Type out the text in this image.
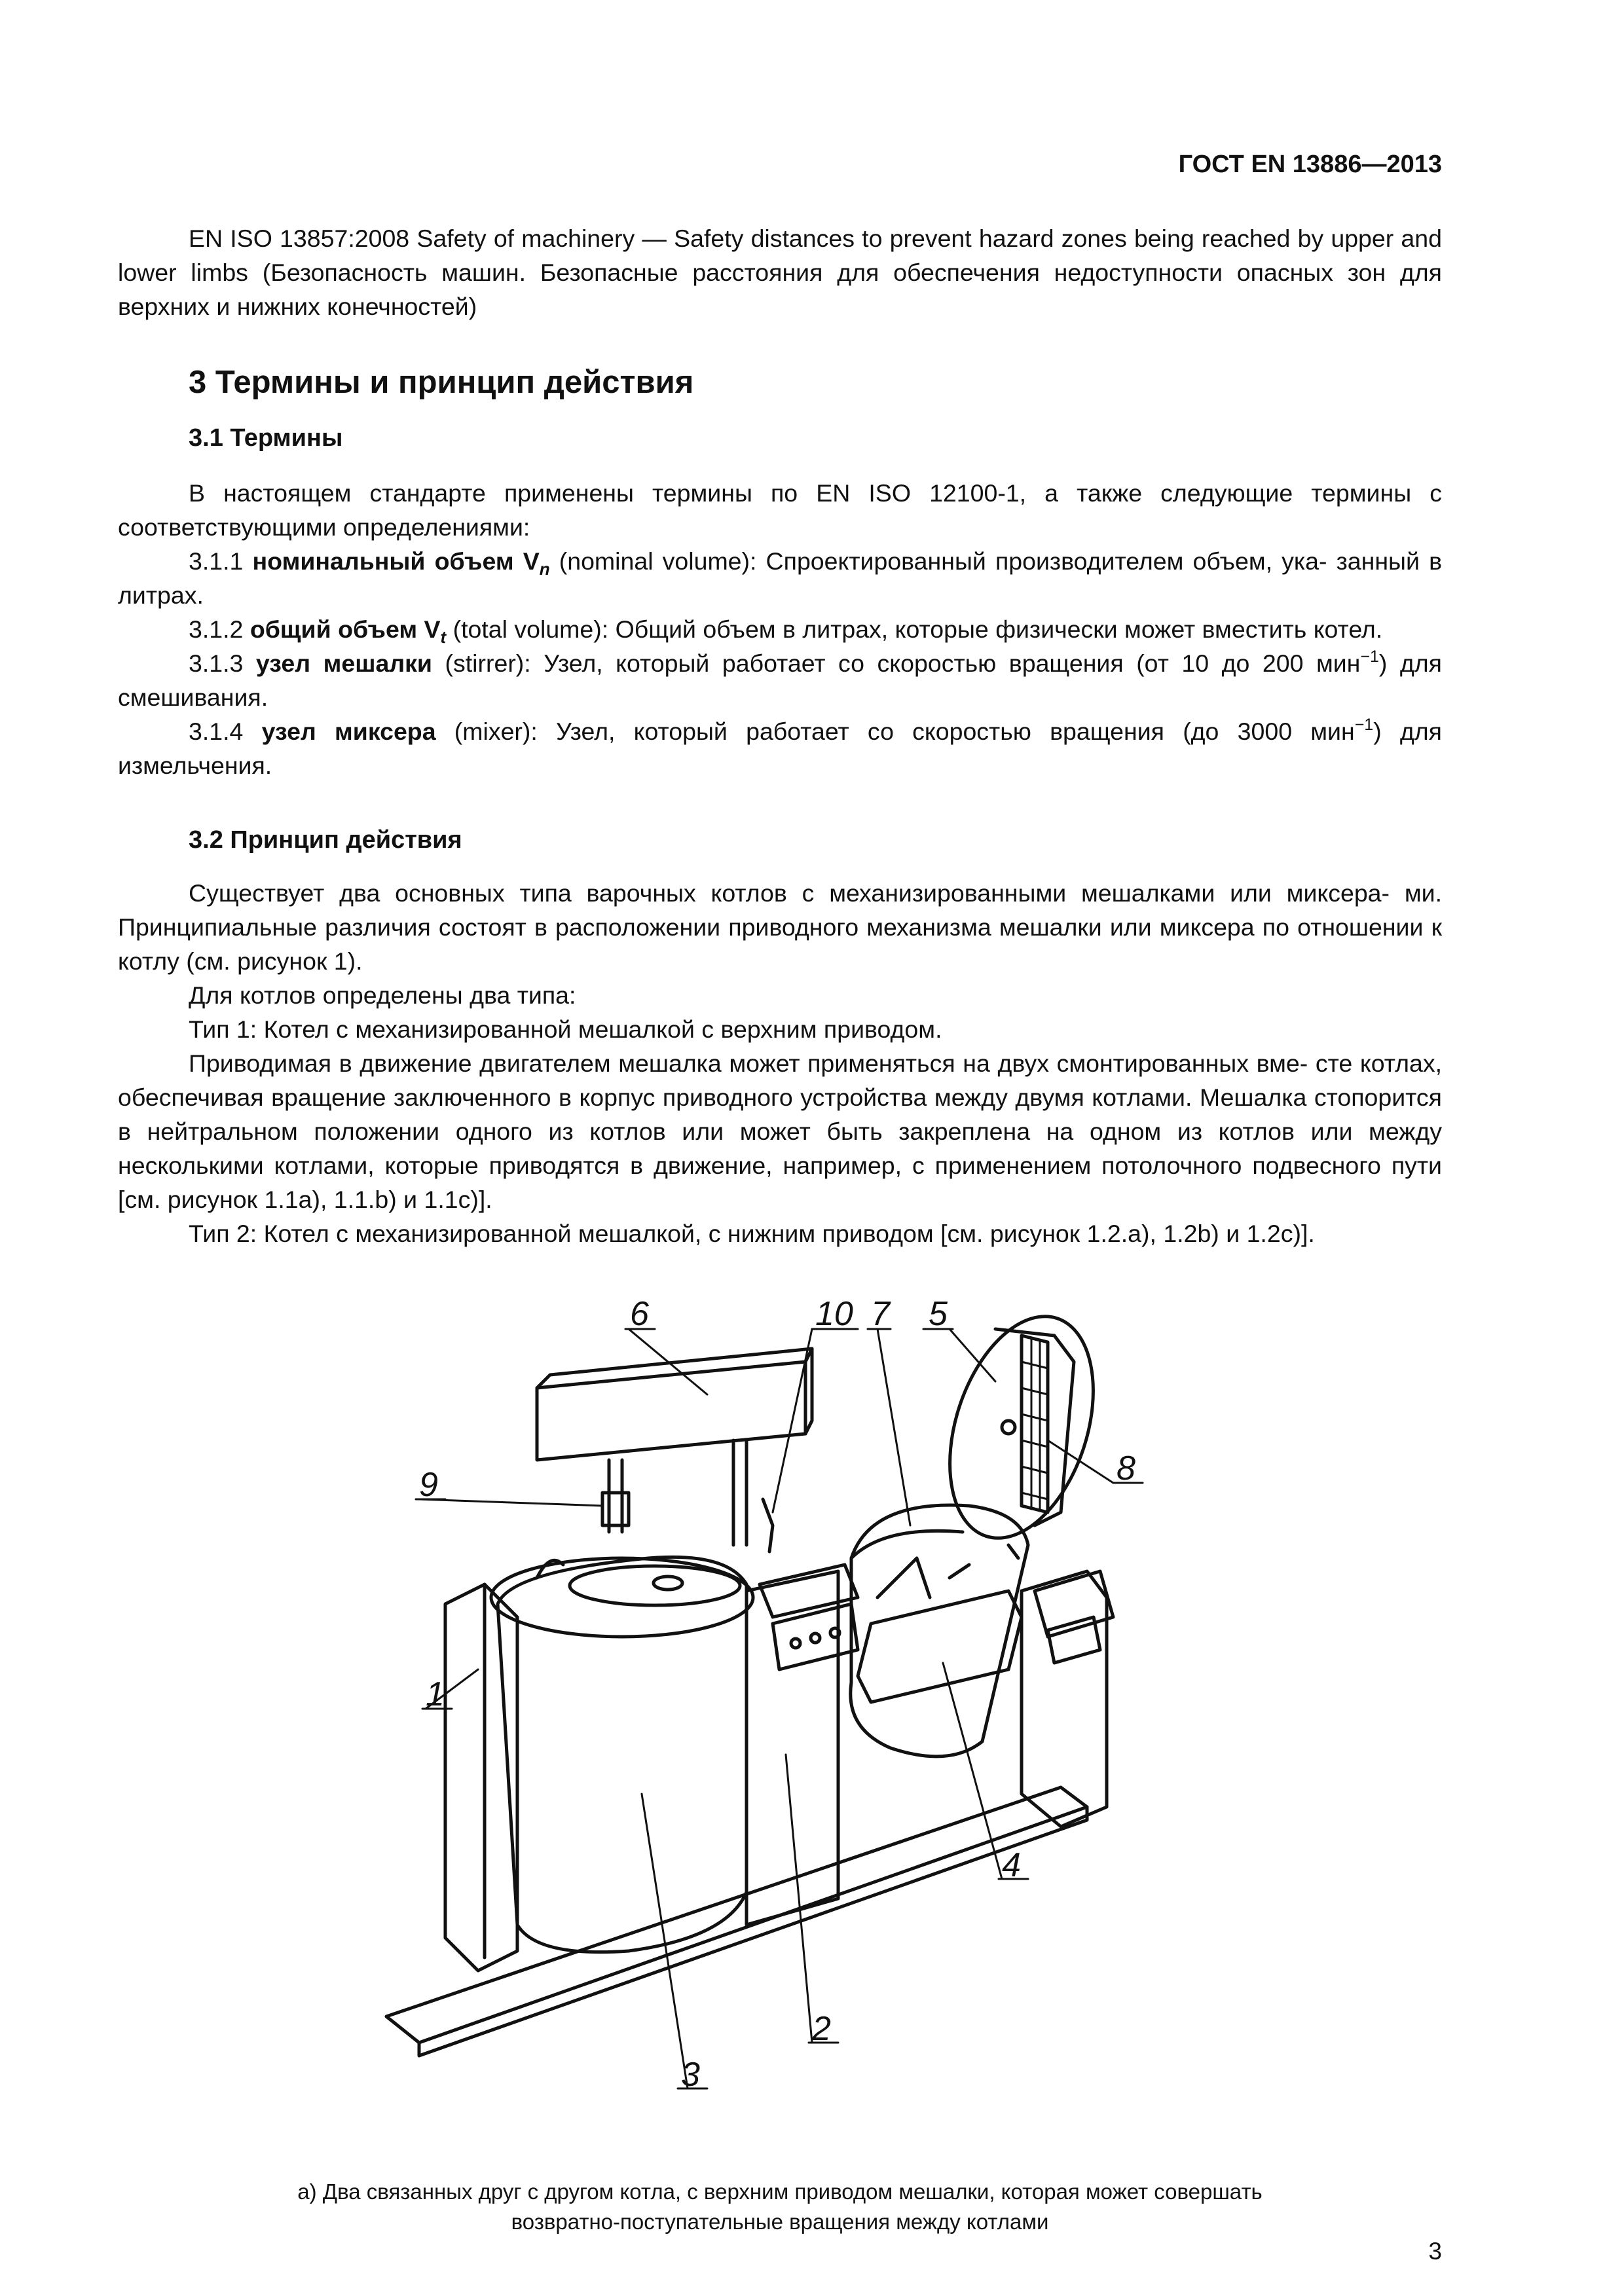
ГОСТ EN 13886—2013

EN ISO 13857:2008 Safety of machinery — Safety distances to prevent hazard zones being reached by upper and lower limbs (Безопасность машин. Безопасные расстояния для обеспечения недоступности опасных зон для верхних и нижних конечностей)

3 Термины и принцип действия
3.1 Термины

В настоящем стандарте применены термины по EN ISO 12100-1, а также следующие термины с соответствующими определениями:

3.1.1 номинальный объем $V_n$ (nominal volume): Спроектированный производителем объем, ука- занный в литрах.

3.1.2 общий объем $V_t$ (total volume): Общий объем в литрах, которые физически может вместить котел.

3.1.3 узел мешалки (stirrer): Узел, который работает со скоростью вращения (от 10 до 200 мин$^{-1}$) для смешивания.

3.1.4 узел миксера (mixer): Узел, который работает со скоростью вращения (до 3000 мин$^{-1}$) для измельчения.

3.2 Принцип действия

Существует два основных типа варочных котлов с механизированными мешалками или миксера- ми. Принципиальные различия состоят в расположении приводного механизма мешалки или миксера по отношении к котлу (см. рисунок 1).

Для котлов определены два типа:

Тип 1: Котел с механизированной мешалкой с верхним приводом.

Приводимая в движение двигателем мешалка может применяться на двух смонтированных вме- сте котлах, обеспечивая вращение заключенного в корпус приводного устройства между двумя котлами. Мешалка стопорится в нейтральном положении одного из котлов или может быть закреплена на одном из котлов или между несколькими котлами, которые приводятся в движение, например, с применением потолочного подвесного пути [см. рисунок 1.1а), 1.1.b) и 1.1с)].

Тип 2: Котел с механизированной мешалкой, с нижним приводом [см. рисунок 1.2.а), 1.2b) и 1.2с)].

6	10 7 5
8
9
1
3
2
4
а) Два связанных друг с другом котла, с верхним приводом мешалки, которая может совершать
возвратно-поступательные вращения между котлами
3
